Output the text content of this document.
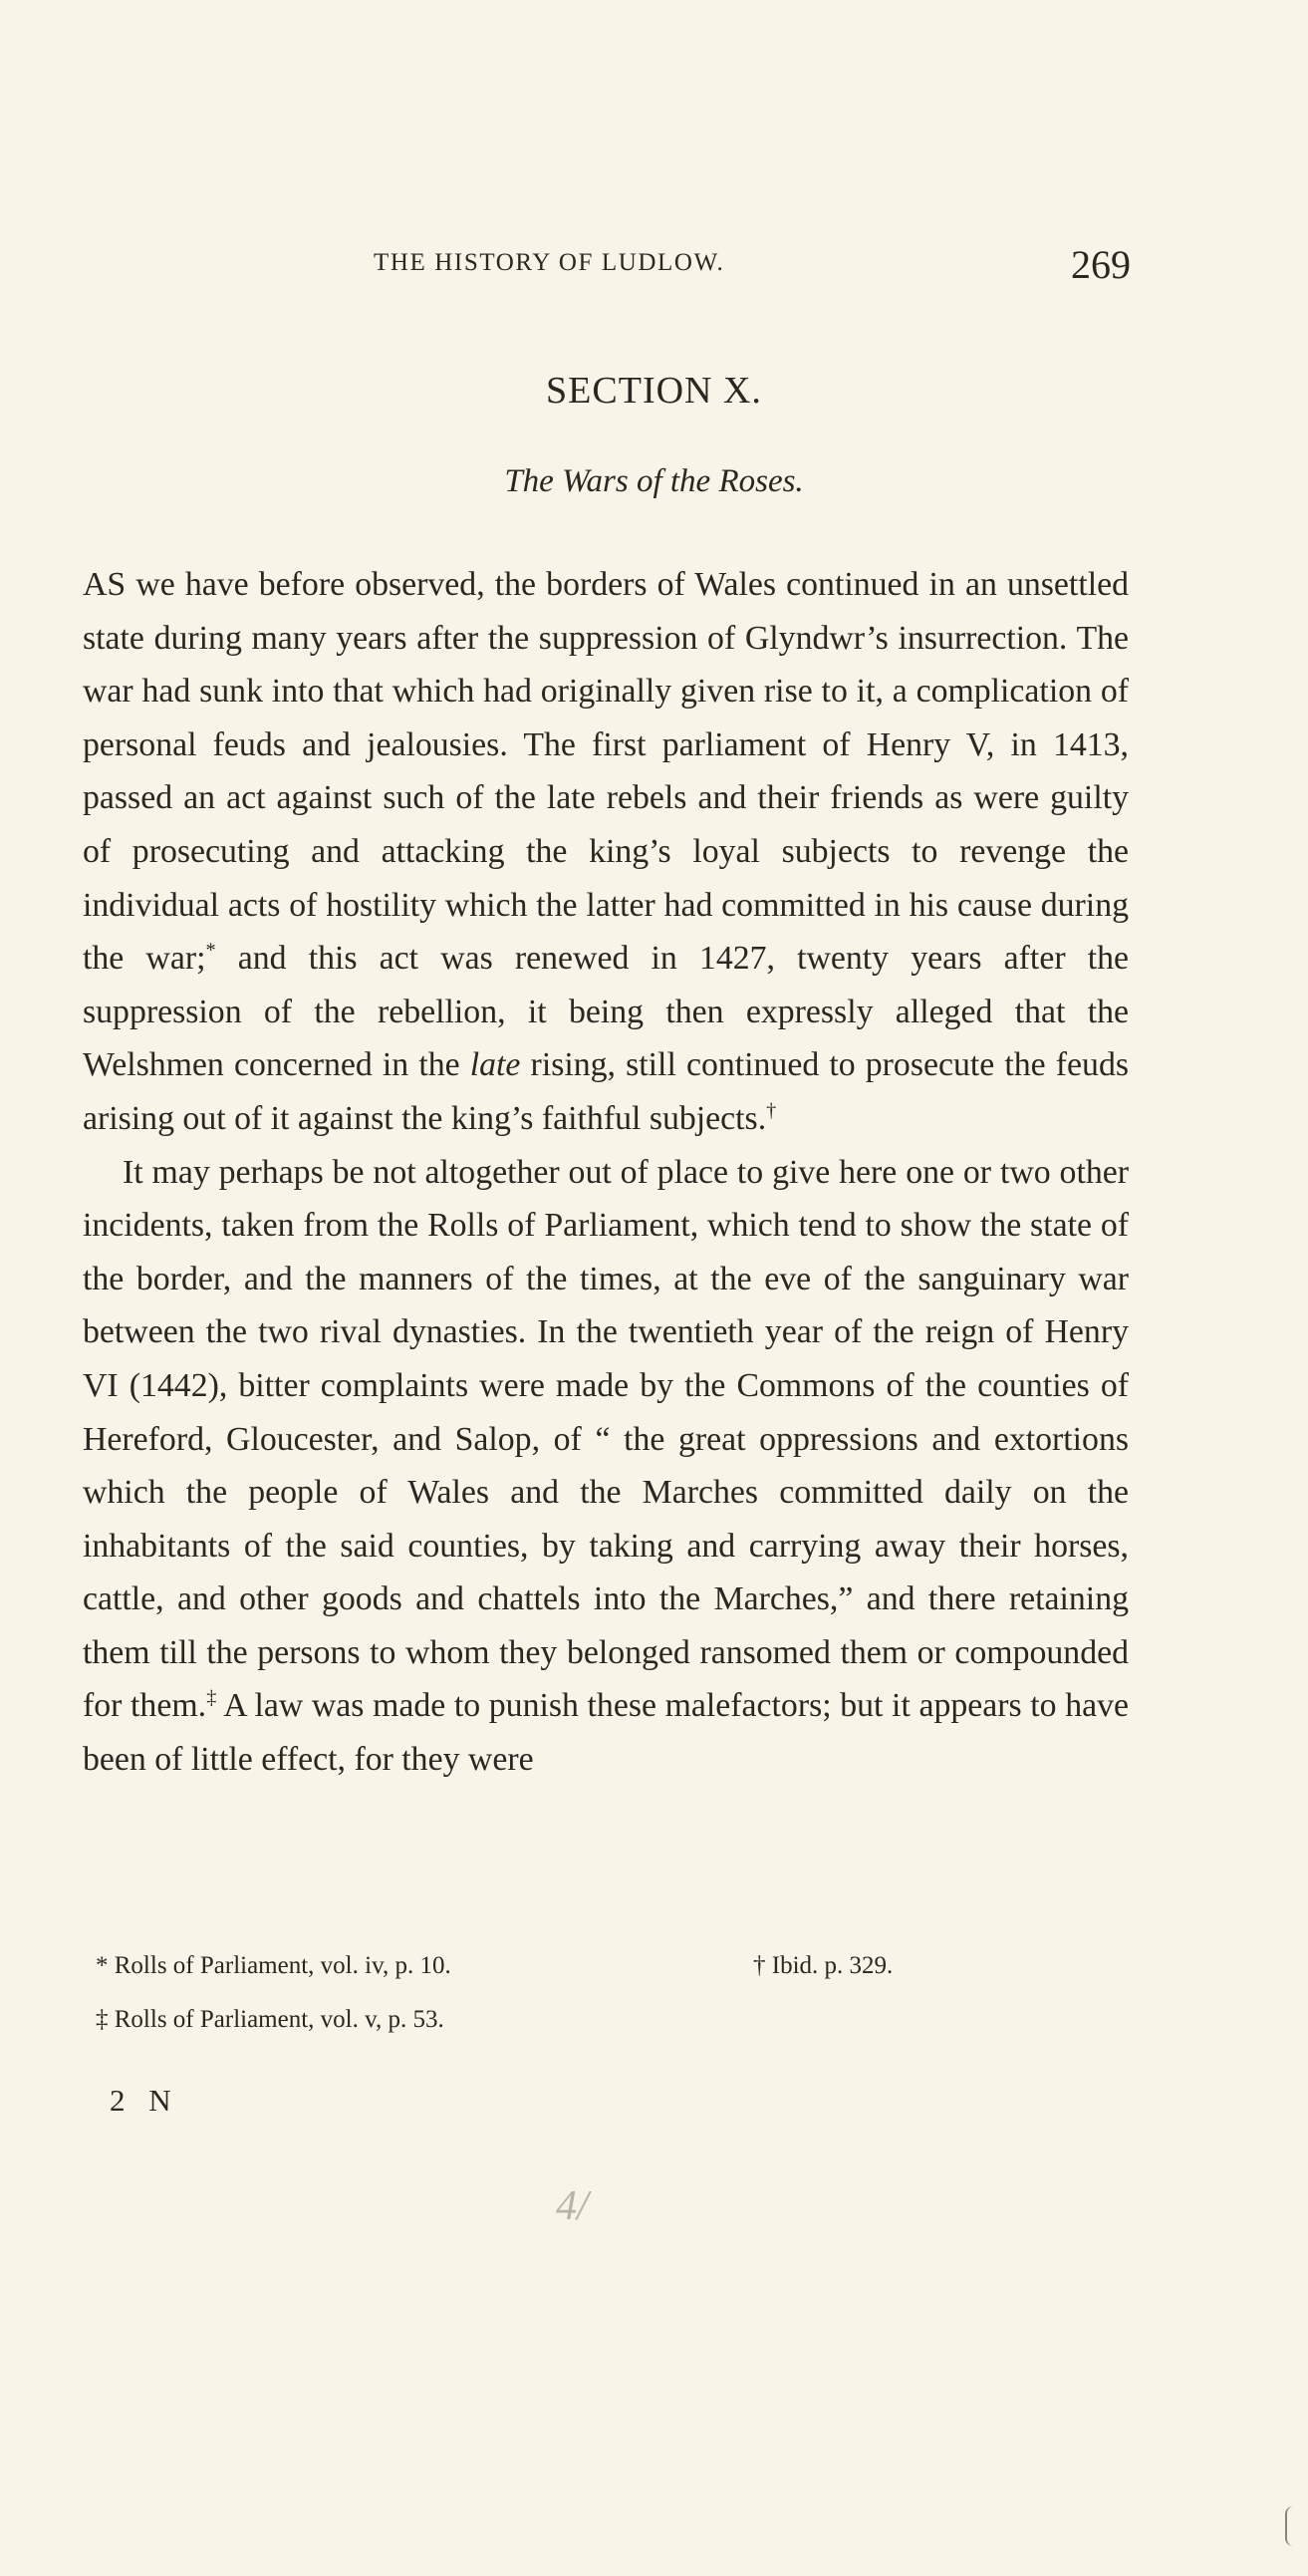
THE HISTORY OF LUDLOW.	269
SECTION X.
The Wars of the Roses.

AS we have before observed, the borders of Wales continued in an unsettled state during many years after the suppression of Glyndwr’s insurrection. The war had sunk into that which had originally given rise to it, a complication of personal feuds and jealousies. The first parliament of Henry V, in 1413, passed an act against such of the late rebels and their friends as were guilty of prosecuting and attacking the king’s loyal subjects to revenge the individual acts of hostility which the latter had committed in his cause during the war;* and this act was renewed in 1427, twenty years after the suppression of the rebellion, it being then expressly alleged that the Welshmen concerned in the late rising, still continued to prosecute the feuds arising out of it against the king’s faithful subjects.†

It may perhaps be not altogether out of place to give here one or two other incidents, taken from the Rolls of Parliament, which tend to show the state of the border, and the manners of the times, at the eve of the sanguinary war between the two rival dynasties. In the twentieth year of the reign of Henry VI (1442), bitter complaints were made by the Commons of the counties of Hereford, Gloucester, and Salop, of “ the great oppressions and extortions which the people of Wales and the Marches committed daily on the inhabitants of the said counties, by taking and carrying away their horses, cattle, and other goods and chattels into the Marches,” and there retaining them till the persons to whom they belonged ransomed them or compounded for them.‡ A law was made to punish these malefactors; but it appears to have been of little effect, for they were

* Rolls of Parliament, vol. iv, p. 10.	† Ibid. p. 329.
‡ Rolls of Parliament, vol. v, p. 53.
2 N
4/
